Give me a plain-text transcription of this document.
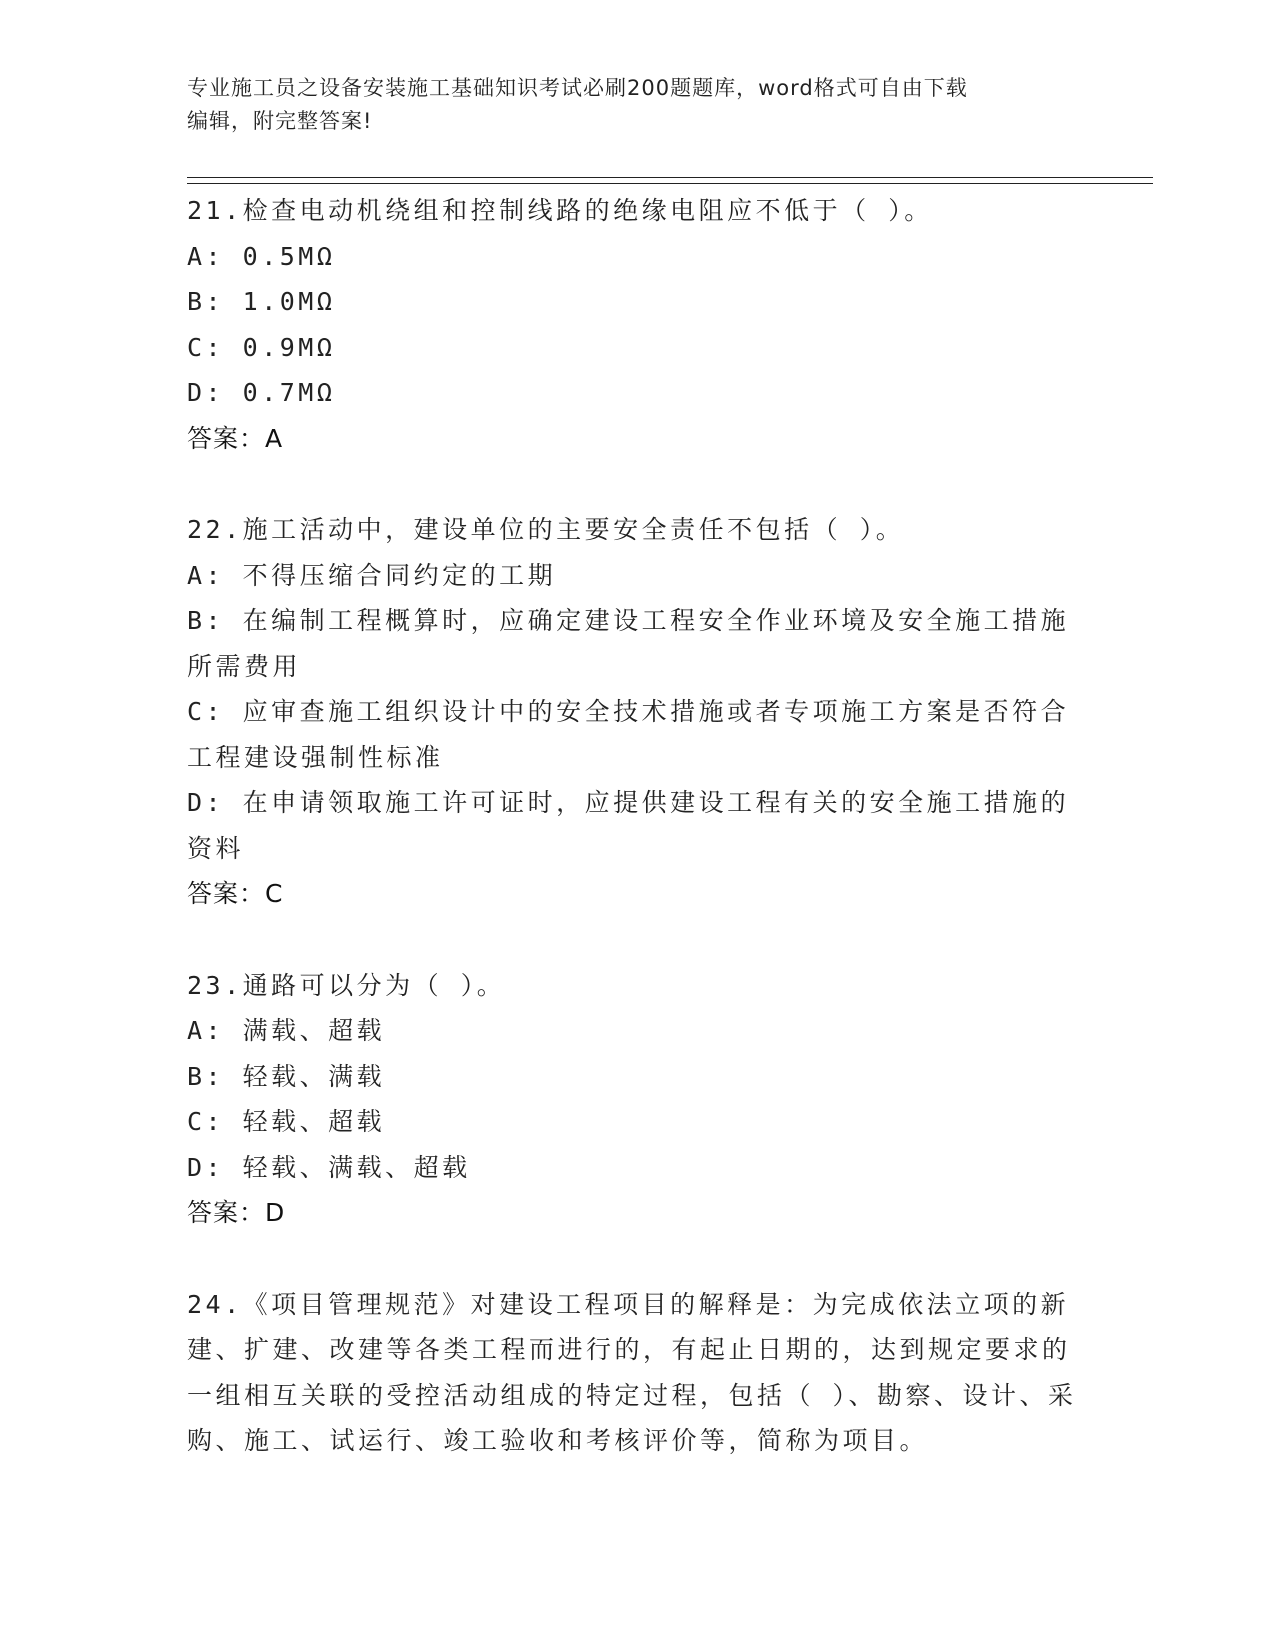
专业施工员之设备安装施工基础知识考试必刷200题题库，word格式可自由下载
编辑，附完整答案!

21.检查电动机绕组和控制线路的绝缘电阻应不低于（ ）。

A: 0.5MΩ

B: 1.0MΩ

C: 0.9MΩ

D: 0.7MΩ

答案：A

22.施工活动中，建设单位的主要安全责任不包括（ ）。

A: 不得压缩合同约定的工期

B: 在编制工程概算时，应确定建设工程安全作业环境及安全施工措施所需费用

C: 应审查施工组织设计中的安全技术措施或者专项施工方案是否符合工程建设强制性标准

D: 在申请领取施工许可证时，应提供建设工程有关的安全施工措施的资料

答案：C

23.通路可以分为（ ）。

A: 满载、超载

B: 轻载、满载

C: 轻载、超载

D: 轻载、满载、超载

答案：D

24.《项目管理规范》对建设工程项目的解释是：为完成依法立项的新建、扩建、改建等各类工程而进行的，有起止日期的，达到规定要求的一组相互关联的受控活动组成的特定过程，包括（ ）、勘察、设计、采购、施工、试运行、竣工验收和考核评价等，简称为项目。
